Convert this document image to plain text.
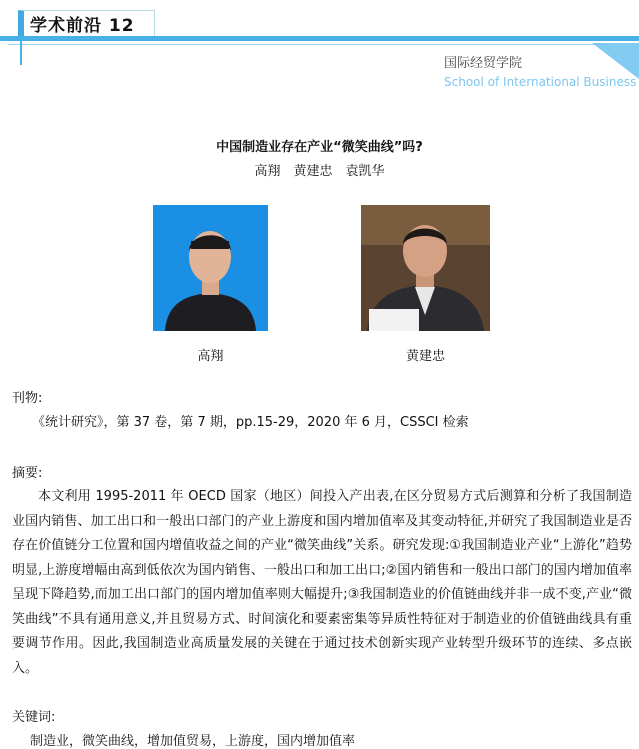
学术前沿 12
国际经贸学院
School of International Business
中国制造业存在产业“微笑曲线”吗?
高翔　黄建忠　袁凯华
高翔	黄建忠
刊物:
《统计研究》，第 37 卷，第 7 期，pp.15-29，2020 年 6 月，CSSCI 检索
摘要:
本文利用 1995-2011 年 OECD 国家（地区）间投入产出表,在区分贸易方式后测算和分析了我国制造业国内销售、加工出口和一般出口部门的产业上游度和国内增加值率及其变动特征,并研究了我国制造业是否存在价值链分工位置和国内增值收益之间的产业“微笑曲线”关系。研究发现:①我国制造业产业“上游化”趋势明显,上游度增幅由高到低依次为国内销售、一般出口和加工出口;②国内销售和一般出口部门的国内增加值率呈现下降趋势,而加工出口部门的国内增加值率则大幅提升;③我国制造业的价值链曲线并非一成不变,产业“微笑曲线”不具有通用意义,并且贸易方式、时间演化和要素密集等异质性特征对于制造业的价值链曲线具有重要调节作用。因此,我国制造业高质量发展的关键在于通过技术创新实现产业转型升级环节的连续、多点嵌入。
关键词:
制造业，微笑曲线，增加值贸易，上游度，国内增加值率
